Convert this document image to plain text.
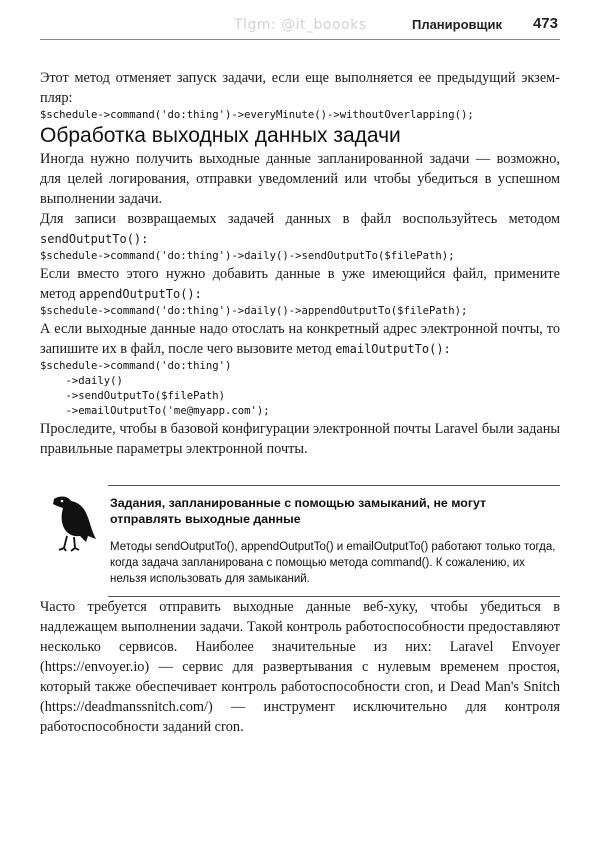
Tlgm: @it_boooks	Планировщик 473

Этот метод отменяет запуск задачи, если еще выполняется ее предыдущий экзем-пляр:

$schedule->command('do:thing')->everyMinute()->withoutOverlapping();
Обработка выходных данных задачи

Иногда нужно получить выходные данные запланированной задачи — возможно, для целей логирования, отправки уведомлений или чтобы убедиться в успешном выполнении задачи.

Для записи возвращаемых задачей данных в файл воспользуйтесь методом sendOutputTo():

$schedule->command('do:thing')->daily()->sendOutputTo($filePath);

Если вместо этого нужно добавить данные в уже имеющийся файл, примените метод appendOutputTo():

$schedule->command('do:thing')->daily()->appendOutputTo($filePath);

А если выходные данные надо отослать на конкретный адрес электронной почты, то запишите их в файл, после чего вызовите метод emailOutputTo():

$schedule->command('do:thing')
->daily()
->sendOutputTo($filePath)
->emailOutputTo('me@myapp.com');

Проследите, чтобы в базовой конфигурации электронной почты Laravel были заданы правильные параметры электронной почты.

Задания, запланированные с помощью замыканий, не могут отправлять выходные данные
Методы sendOutputTo(), appendOutputTo() и emailOutputTo() работают только тогда, когда задача запланирована с помощью метода command(). К сожалению, их нельзя использовать для замыканий.

Часто требуется отправить выходные данные веб-хуку, чтобы убедиться в надлежащем выполнении задачи. Такой контроль работоспособности предоставляют несколько сервисов. Наиболее значительные из них: Laravel Envoyer (https://envoyer.io) — сервис для развертывания с нулевым временем простоя, который также обеспечивает контроль работоспособности cron, и Dead Man's Snitch (https://deadmanssnitch.com/) — инструмент исключительно для контроля работоспособности заданий cron.
